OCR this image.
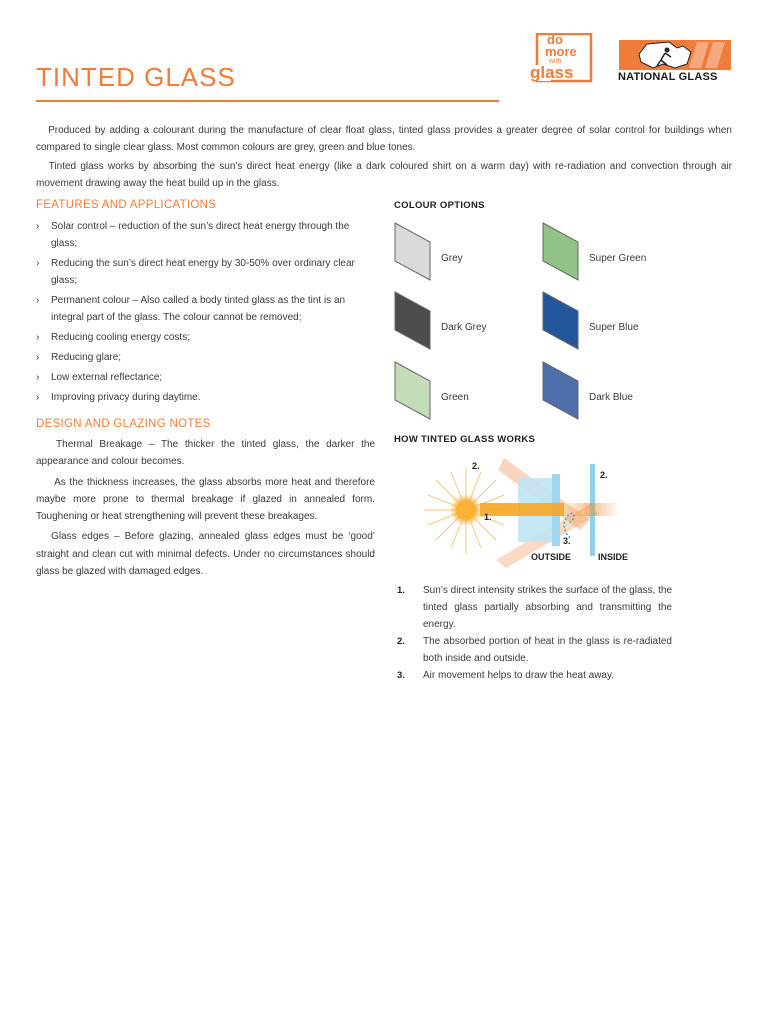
do
more
with
glass	NATIONAL GLASS
TINTED GLASS

Produced by adding a colourant during the manufacture of clear float glass, tinted glass provides a greater degree of solar control for buildings when compared to single clear glass. Most common colours are grey, green and blue tones.

Tinted glass works by absorbing the sun’s direct heat energy (like a dark coloured shirt on a warm day) with re-radiation and convection through air movement drawing away the heat build up in the glass.

FEATURES AND APPLICATIONS
› Solar control – reduction of the sun’s direct heat energy through the glass;
› Reducing the sun’s direct heat energy by 30-50% over ordinary clear glass;
› Permanent colour – Also called a body tinted glass as the tint is an integral part of the glass. The colour cannot be removed;
› Reducing cooling energy costs;
› Reducing glare;
› Low external reflectance;
› Improving privacy during daytime.
DESIGN AND GLAZING NOTES

Thermal Breakage – The thicker the tinted glass, the darker the appearance and colour becomes.

As the thickness increases, the glass absorbs more heat and therefore maybe more prone to thermal breakage if glazed in annealed form. Toughening or heat strengthening will prevent these breakages.

Glass edges – Before glazing, annealed glass edges must be ‘good’ straight and clean cut with minimal defects. Under no circumstances should glass be glazed with damaged edges.

COLOUR OPTIONS
Grey	Super Green
Dark Grey	Super Blue
Green	Dark Blue
HOW TINTED GLASS WORKS
2.
2.
1.
3.
OUTSIDE	INSIDE
1. Sun’s direct intensity strikes the surface of the glass, the tinted glass partially absorbing and transmitting the energy.
2. The absorbed portion of heat in the glass is re-radiated both inside and outside.
3. Air movement helps to draw the heat away.
